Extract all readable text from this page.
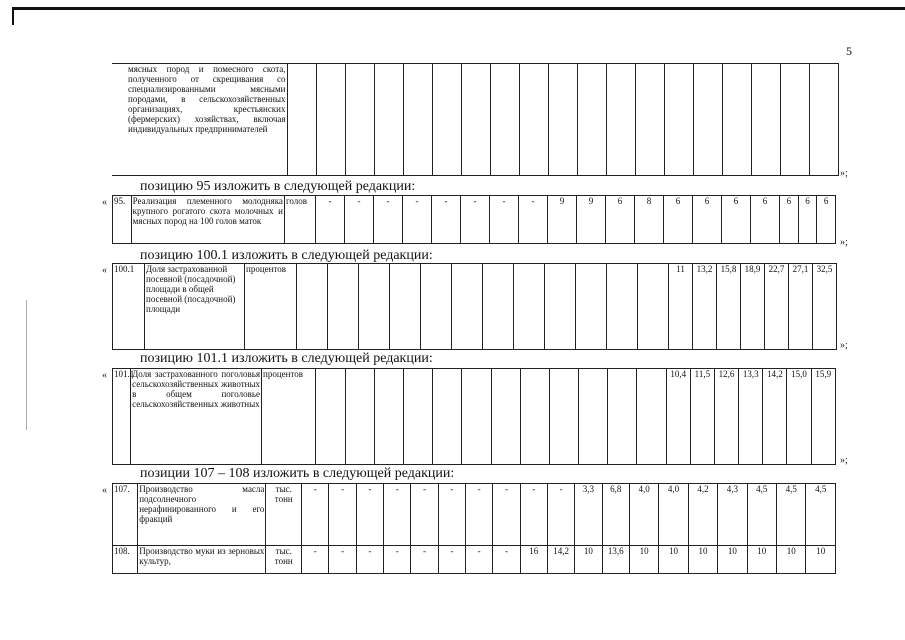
5
мясных пород и помесного скота, полученного от скрещивания со специализированными мясными породами, в сельскохозяйственных организациях, крестьянских (фермерских) хозяйствах, включая индивидуальных предпринимателей																			
»;
позицию 95 изложить в следующей редакции:
« 95.	Реализация племенного молодняка крупного рогатого скота молочных и мясных пород на 100 голов маток	голов	-	-	-	-	-	-	-	-	9	9	6	8	6	6	6	6	6	6	6
»;
позицию 100.1 изложить в следующей редакции:
« 100.1	Доля застрахованной посевной (посадочной) площади в общей посевной (посадочной) площади	процентов													11	13,2	15,8	18,9	22,7	27,1	32,5
»;
позицию 101.1 изложить в следующей редакции:
« 101.1	Доля застрахованного поголовья сельскохозяйственных животных в общем поголовье сельскохозяйственных животных	процентов													10,4	11,5	12,6	13,3	14,2	15,0	15,9
»;
позиции 107 – 108 изложить в следующей редакции:
« 107.	Производство масла подсолнечного нерафинированного и его фракций	тыс. тонн	-	-	-	-	-	-	-	-	-	-	3,3	6,8	4,0	4,0	4,2	4,3	4,5	4,5	4,5
108.	Производство муки из зерновых культур,	тыс. тонн	-	-	-	-	-	-	-	-	16	14,2	10	13,6	10	10	10	10	10	10	10
